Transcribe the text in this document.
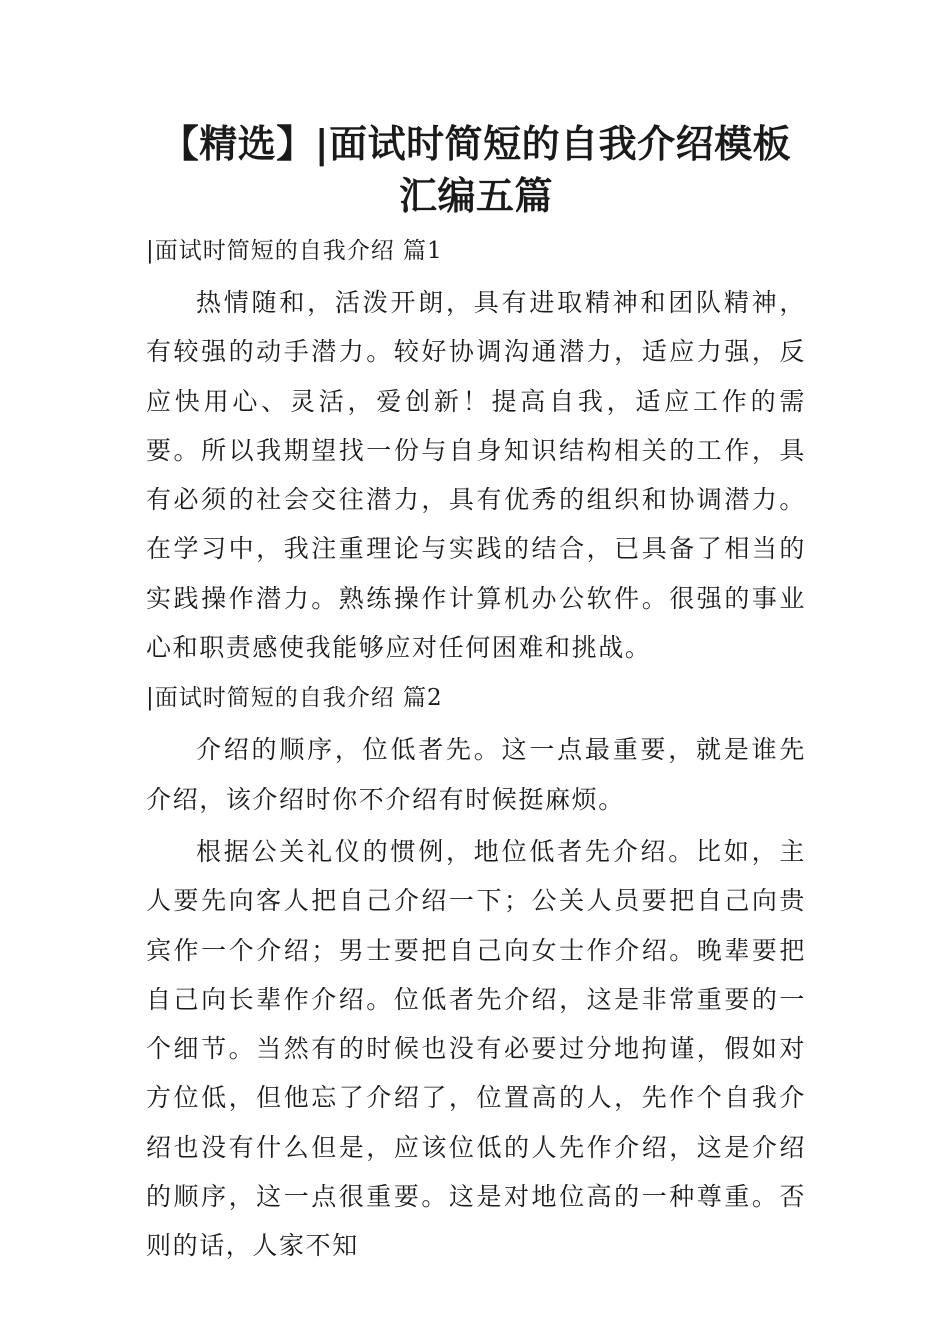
【精选】|面试时简短的自我介绍模板汇编五篇
|面试时简短的自我介绍 篇1

热情随和，活泼开朗，具有进取精神和团队精神，有较强的动手潜力。较好协调沟通潜力，适应力强，反应快用心、灵活，爱创新！提高自我，适应工作的需要。所以我期望找一份与自身知识结构相关的工作，具有必须的社会交往潜力，具有优秀的组织和协调潜力。在学习中，我注重理论与实践的结合，已具备了相当的实践操作潜力。熟练操作计算机办公软件。很强的事业心和职责感使我能够应对任何困难和挑战。

|面试时简短的自我介绍 篇2

介绍的顺序，位低者先。这一点最重要，就是谁先介绍，该介绍时你不介绍有时候挺麻烦。

根据公关礼仪的惯例，地位低者先介绍。比如，主人要先向客人把自己介绍一下；公关人员要把自己向贵宾作一个介绍；男士要把自己向女士作介绍。晚辈要把自己向长辈作介绍。位低者先介绍，这是非常重要的一个细节。当然有的时候也没有必要过分地拘谨，假如对方位低，但他忘了介绍了，位置高的人，先作个自我介绍也没有什么但是，应该位低的人先作介绍，这是介绍的顺序，这一点很重要。这是对地位高的一种尊重。否则的话，人家不知
